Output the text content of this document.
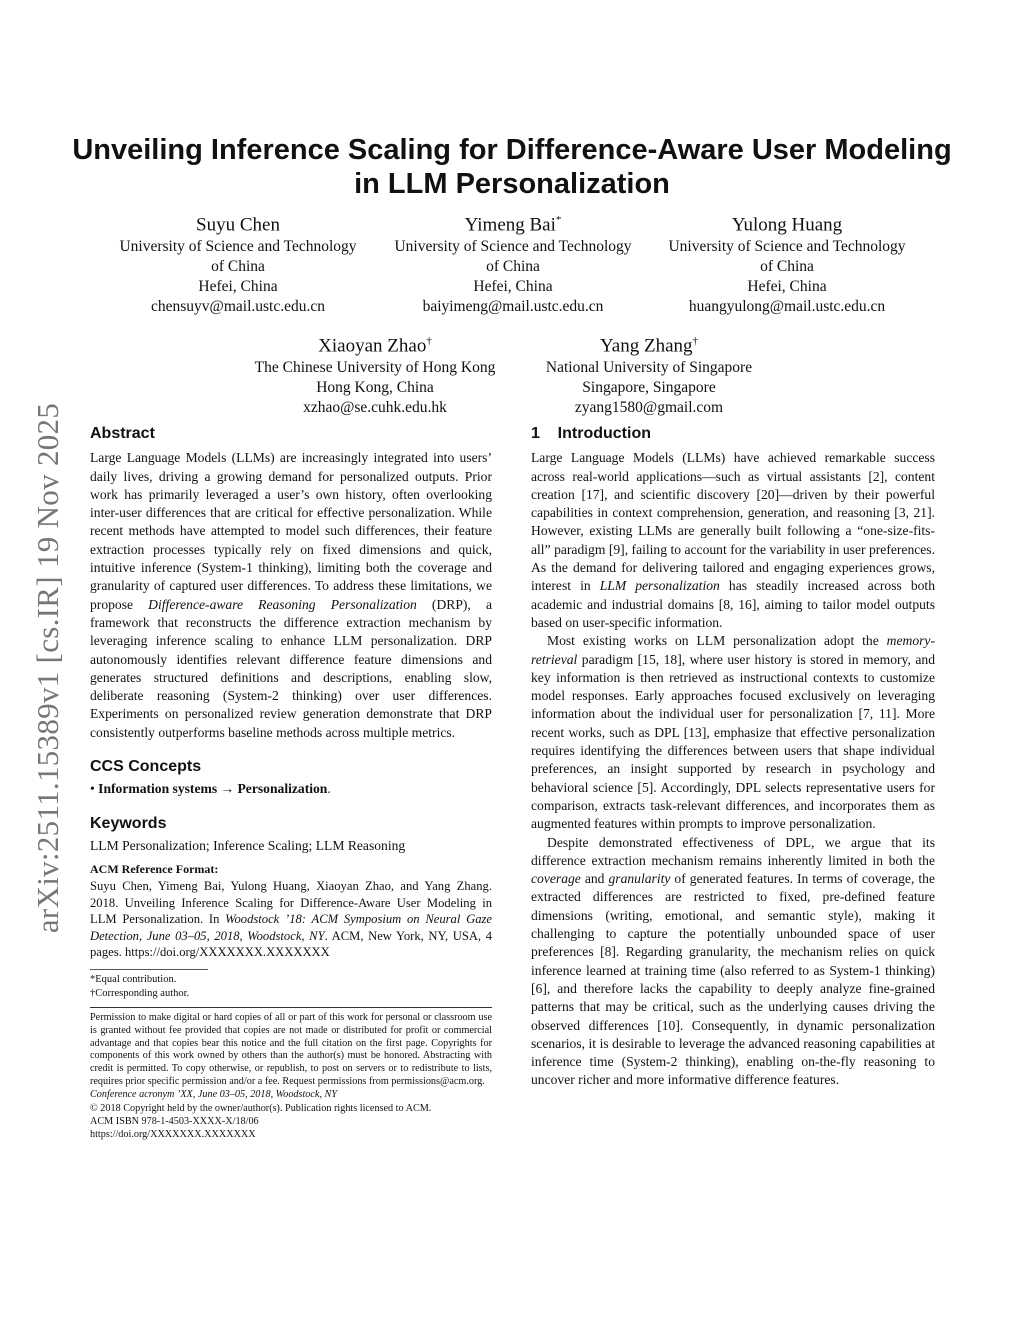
arXiv:2511.15389v1 [cs.IR] 19 Nov 2025
Unveiling Inference Scaling for Difference-Aware User Modeling
in LLM Personalization
Suyu Chen
University of Science and Technology
of China
Hefei, China
chensuyv@mail.ustc.edu.cn
Yimeng Bai*
University of Science and Technology
of China
Hefei, China
baiyimeng@mail.ustc.edu.cn
Yulong Huang
University of Science and Technology
of China
Hefei, China
huangyulong@mail.ustc.edu.cn
Xiaoyan Zhao†
The Chinese University of Hong Kong
Hong Kong, China
xzhao@se.cuhk.edu.hk
Yang Zhang†
National University of Singapore
Singapore, Singapore
zyang1580@gmail.com
Abstract

Large Language Models (LLMs) are increasingly integrated into users’ daily lives, driving a growing demand for personalized outputs. Prior work has primarily leveraged a user’s own history, often overlooking inter-user differences that are critical for effective personalization. While recent methods have attempted to model such differences, their feature extraction processes typically rely on fixed dimensions and quick, intuitive inference (System-1 thinking), limiting both the coverage and granularity of captured user differences. To address these limitations, we propose Difference-aware Reasoning Personalization (DRP), a framework that reconstructs the difference extraction mechanism by leveraging inference scaling to enhance LLM personalization. DRP autonomously identifies relevant difference feature dimensions and generates structured definitions and descriptions, enabling slow, deliberate reasoning (System-2 thinking) over user differences. Experiments on personalized review generation demonstrate that DRP consistently outperforms baseline methods across multiple metrics.

CCS Concepts

• Information systems → Personalization.

Keywords

LLM Personalization; Inference Scaling; LLM Reasoning

ACM Reference Format:

Suyu Chen, Yimeng Bai, Yulong Huang, Xiaoyan Zhao, and Yang Zhang. 2018. Unveiling Inference Scaling for Difference-Aware User Modeling in LLM Personalization. In Woodstock ’18: ACM Symposium on Neural Gaze Detection, June 03–05, 2018, Woodstock, NY. ACM, New York, NY, USA, 4 pages. https://doi.org/XXXXXXX.XXXXXXX

*Equal contribution.
†Corresponding author.

Permission to make digital or hard copies of all or part of this work for personal or classroom use is granted without fee provided that copies are not made or distributed for profit or commercial advantage and that copies bear this notice and the full citation on the first page. Copyrights for components of this work owned by others than the author(s) must be honored. Abstracting with credit is permitted. To copy otherwise, or republish, to post on servers or to redistribute to lists, requires prior specific permission and/or a fee. Request permissions from permissions@acm.org.

Conference acronym ’XX, June 03–05, 2018, Woodstock, NY

© 2018 Copyright held by the owner/author(s). Publication rights licensed to ACM.

ACM ISBN 978-1-4503-XXXX-X/18/06

https://doi.org/XXXXXXX.XXXXXXX

1    Introduction

Large Language Models (LLMs) have achieved remarkable success across real-world applications—such as virtual assistants [2], content creation [17], and scientific discovery [20]—driven by their powerful capabilities in context comprehension, generation, and reasoning [3, 21]. However, existing LLMs are generally built following a “one-size-fits-all” paradigm [9], failing to account for the variability in user preferences. As the demand for delivering tailored and engaging experiences grows, interest in LLM personalization has steadily increased across both academic and industrial domains [8, 16], aiming to tailor model outputs based on user-specific information.

Most existing works on LLM personalization adopt the memory-retrieval paradigm [15, 18], where user history is stored in memory, and key information is then retrieved as instructional contexts to customize model responses. Early approaches focused exclusively on leveraging information about the individual user for personalization [7, 11]. More recent works, such as DPL [13], emphasize that effective personalization requires identifying the differences between users that shape individual preferences, an insight supported by research in psychology and behavioral science [5]. Accordingly, DPL selects representative users for comparison, extracts task-relevant differences, and incorporates them as augmented features within prompts to improve personalization.

Despite demonstrated effectiveness of DPL, we argue that its difference extraction mechanism remains inherently limited in both the coverage and granularity of generated features. In terms of coverage, the extracted differences are restricted to fixed, pre-defined feature dimensions (writing, emotional, and semantic style), making it challenging to capture the potentially unbounded space of user preferences [8]. Regarding granularity, the mechanism relies on quick inference learned at training time (also referred to as System-1 thinking) [6], and therefore lacks the capability to deeply analyze fine-grained patterns that may be critical, such as the underlying causes driving the observed differences [10]. Consequently, in dynamic personalization scenarios, it is desirable to leverage the advanced reasoning capabilities at inference time (System-2 thinking), enabling on-the-fly reasoning to uncover richer and more informative difference features.
